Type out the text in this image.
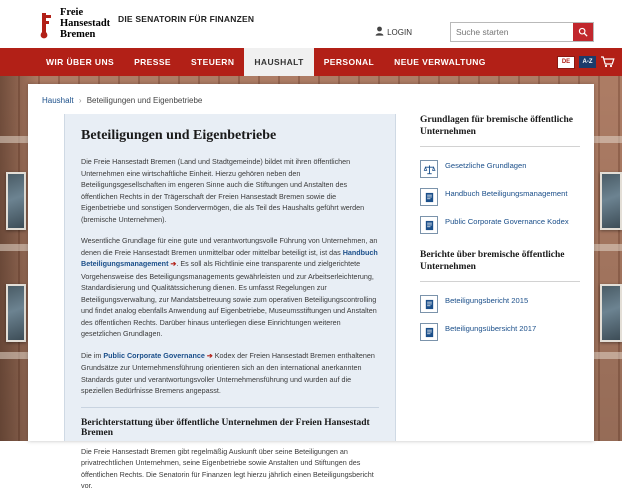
Freie
Hansestadt
Bremen
DIE SENATORIN FÜR FINANZEN
LOGIN
Suche starten
WIR ÜBER UNS	PRESSE	STEUERN	HAUSHALT	PERSONAL	NEUE VERWALTUNG	DE	A-Z
Haushalt › Beteiligungen und Eigenbetriebe
Beteiligungen und Eigenbetriebe

Die Freie Hansestadt Bremen (Land und Stadtgemeinde) bildet mit ihren öffentlichen Unternehmen eine wirtschaftliche Einheit. Hierzu gehören neben den Beteiligungsgesellschaften im engeren Sinne auch die Stiftungen und Anstalten des öffentlichen Rechts in der Trägerschaft der Freien Hansestadt Bremen sowie die Eigenbetriebe und sonstigen Sondervermögen, die als Teil des Haushalts geführt werden (bremische Unternehmen).

Wesentliche Grundlage für eine gute und verantwortungsvolle Führung von Unternehmen, an denen die Freie Hansestadt Bremen unmittelbar oder mittelbar beteiligt ist, ist das Handbuch Beteiligungsmanagement ➔ . Es soll als Richtlinie eine transparente und zielgerichtete Vorgehensweise des Beteiligungsmanagements gewährleisten und zur Arbeitserleichterung, Standardisierung und Qualitätssicherung dienen. Es umfasst Regelungen zur Beteiligungsverwaltung, zur Mandatsbetreuung sowie zum operativen Beteiligungscontrolling und findet analog ebenfalls Anwendung auf Eigenbetriebe, Museumsstiftungen und Anstalten des öffentlichen Rechts. Darüber hinaus unterliegen diese Einrichtungen weiteren gesetzlichen Grundlagen.

Die im Public Corporate Governance ➔ Kodex der Freien Hansestadt Bremen enthaltenen Grundsätze zur Unternehmensführung orientieren sich an den international anerkannten Standards guter und verantwortungsvoller Unternehmensführung und wurden auf die speziellen Bedürfnisse Bremens angepasst.

Berichterstattung über öffentliche Unternehmen der Freien Hansestadt Bremen

Die Freie Hansestadt Bremen gibt regelmäßig Auskunft über seine Beteiligungen an privatrechtlichen Unternehmen, seine Eigenbetriebe sowie Anstalten und Stiftungen des öffentlichen Rechts. Die Senatorin für Finanzen legt hierzu jährlich einen Beteiligungsbericht vor.

Grundlagen für bremische öffentliche Unternehmen
Gesetzliche Grundlagen
Handbuch Beteiligungsmanagement
Public Corporate Governance Kodex
Berichte über bremische öffentliche Unternehmen
Beteiligungsbericht 2015
Beteiligungsübersicht 2017
